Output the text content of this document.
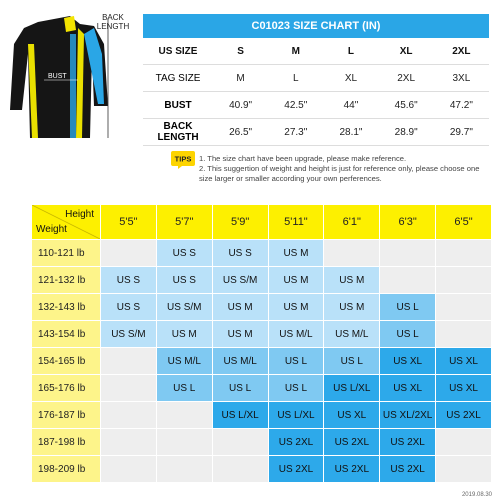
BUST
BACK LENGTH	C01023 SIZE CHART (IN)					
US SIZE	S	M	L	XL	2XL
TAG SIZE	M	L	XL	2XL	3XL
BUST	40.9"	42.5"	44"	45.6"	47.2"
BACK LENGTH	26.5"	27.3"	28.1"	28.9"	29.7"
TIPS 1. The size chart have been upgrade, please make reference.
2. This suggertion of weight and height is just for reference only, please choose one size larger or smaller according your own perferences.
Height
Weight	5'5"	5'7"	5'9"	5'11"	6'1"	6'3"	6'5"
110-121 lb		US S	US S	US M			
121-132 lb	US S	US S	US S/M	US M	US M		
132-143 lb	US S	US S/M	US M	US M	US M	US L	
143-154 lb	US S/M	US M	US M	US M/L	US M/L	US L	
154-165 lb		US M/L	US M/L	US L	US L	US XL	US XL
165-176 lb		US L	US L	US L	US L/XL	US XL	US XL
176-187 lb			US L/XL	US L/XL	US XL	US XL/2XL	US 2XL
187-198 lb				US 2XL	US 2XL	US 2XL	
198-209 lb				US 2XL	US 2XL	US 2XL	
2019.08.30
